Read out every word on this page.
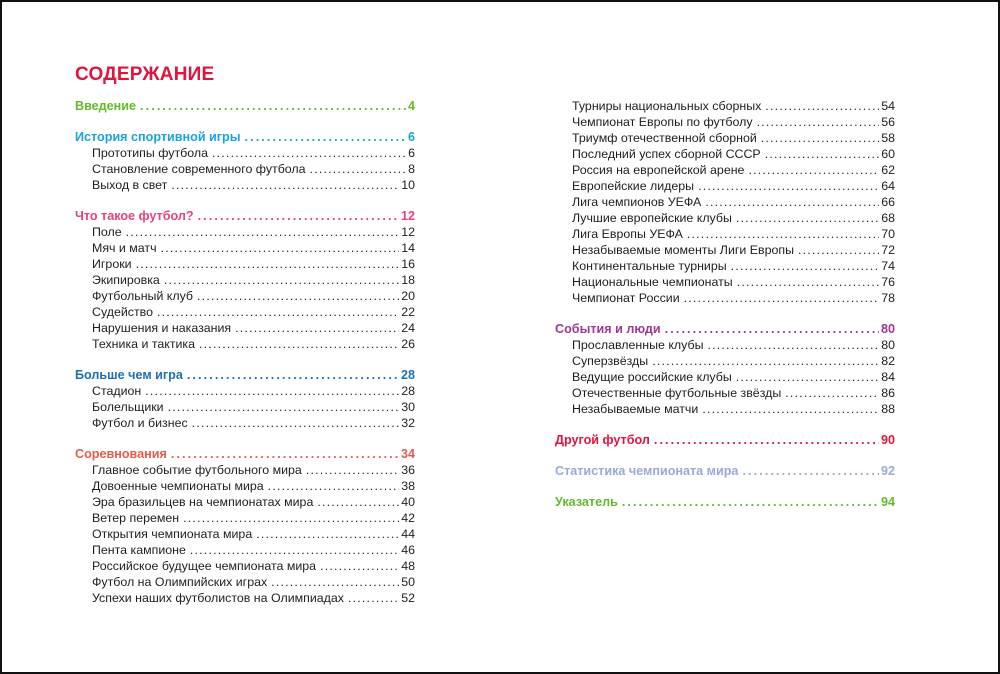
СОДЕРЖАНИЕ
Введение .....	4
История спортивной игры .....	6
Прототипы футбола .....	6
Становление современного футбола .....	8
Выход в свет .....	10
Что такое футбол? .....	12
Поле .....	12
Мяч и матч .....	14
Игроки .....	16
Экипировка .....	18
Футбольный клуб .....	20
Судейство .....	22
Нарушения и наказания .....	24
Техника и тактика .....	26
Больше чем игра .....	28
Стадион .....	28
Болельщики .....	30
Футбол и бизнес .....	32
Соревнования .....	34
Главное событие футбольного мира .....	36
Довоенные чемпионаты мира .....	38
Эра бразильцев на чемпионатах мира .....	40
Ветер перемен .....	42
Открытия чемпионата мира .....	44
Пента кампионе .....	46
Российское будущее чемпионата мира .....	48
Футбол на Олимпийских играх .....	50
Успехи наших футболистов на Олимпиадах .....	52
Турниры национальных сборных .....	54
Чемпионат Европы по футболу .....	56
Триумф отечественной сборной .....	58
Последний успех сборной СССР .....	60
Россия на европейской арене .....	62
Европейские лидеры .....	64
Лига чемпионов УЕФА .....	66
Лучшие европейские клубы .....	68
Лига Европы УЕФА .....	70
Незабываемые моменты Лиги Европы .....	72
Континентальные турниры .....	74
Национальные чемпионаты .....	76
Чемпионат России .....	78
События и люди .....	80
Прославленные клубы .....	80
Суперзвёзды .....	82
Ведущие российские клубы .....	84
Отечественные футбольные звёзды .....	86
Незабываемые матчи .....	88
Другой футбол .....	90
Статистика чемпионата мира .....	92
Указатель .....	94
